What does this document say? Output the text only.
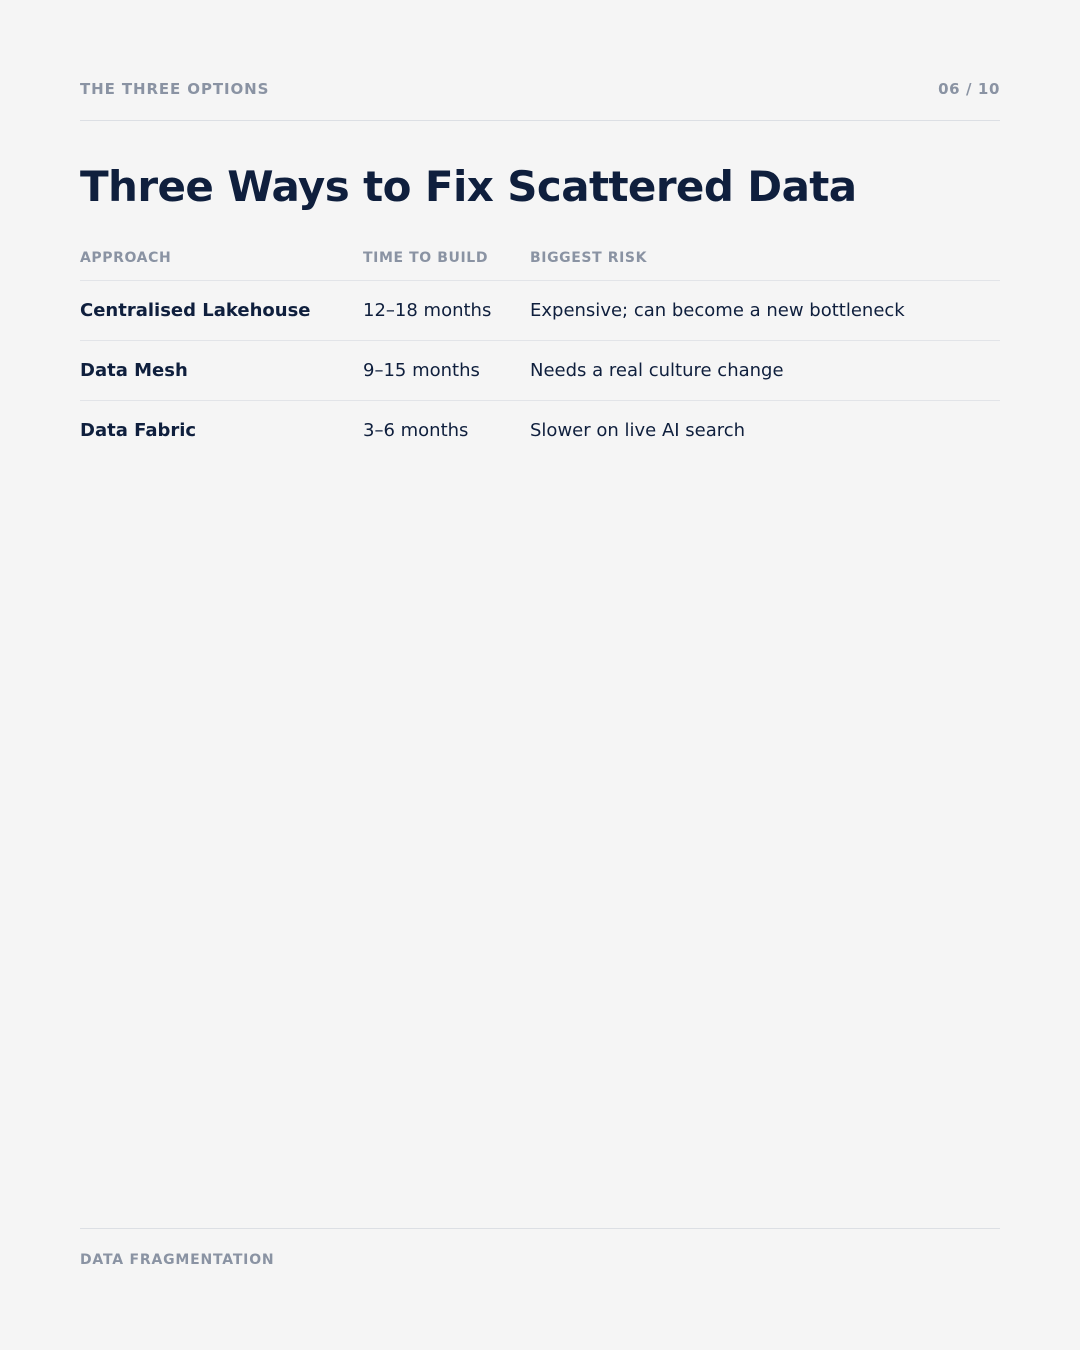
THE THREE OPTIONS	06 / 10
Three Ways to Fix Scattered Data
APPROACH	TIME TO BUILD	BIGGEST RISK
Centralised Lakehouse	12–18 months	Expensive; can become a new bottleneck
Data Mesh	9–15 months	Needs a real culture change
Data Fabric	3–6 months	Slower on live AI search
DATA FRAGMENTATION
